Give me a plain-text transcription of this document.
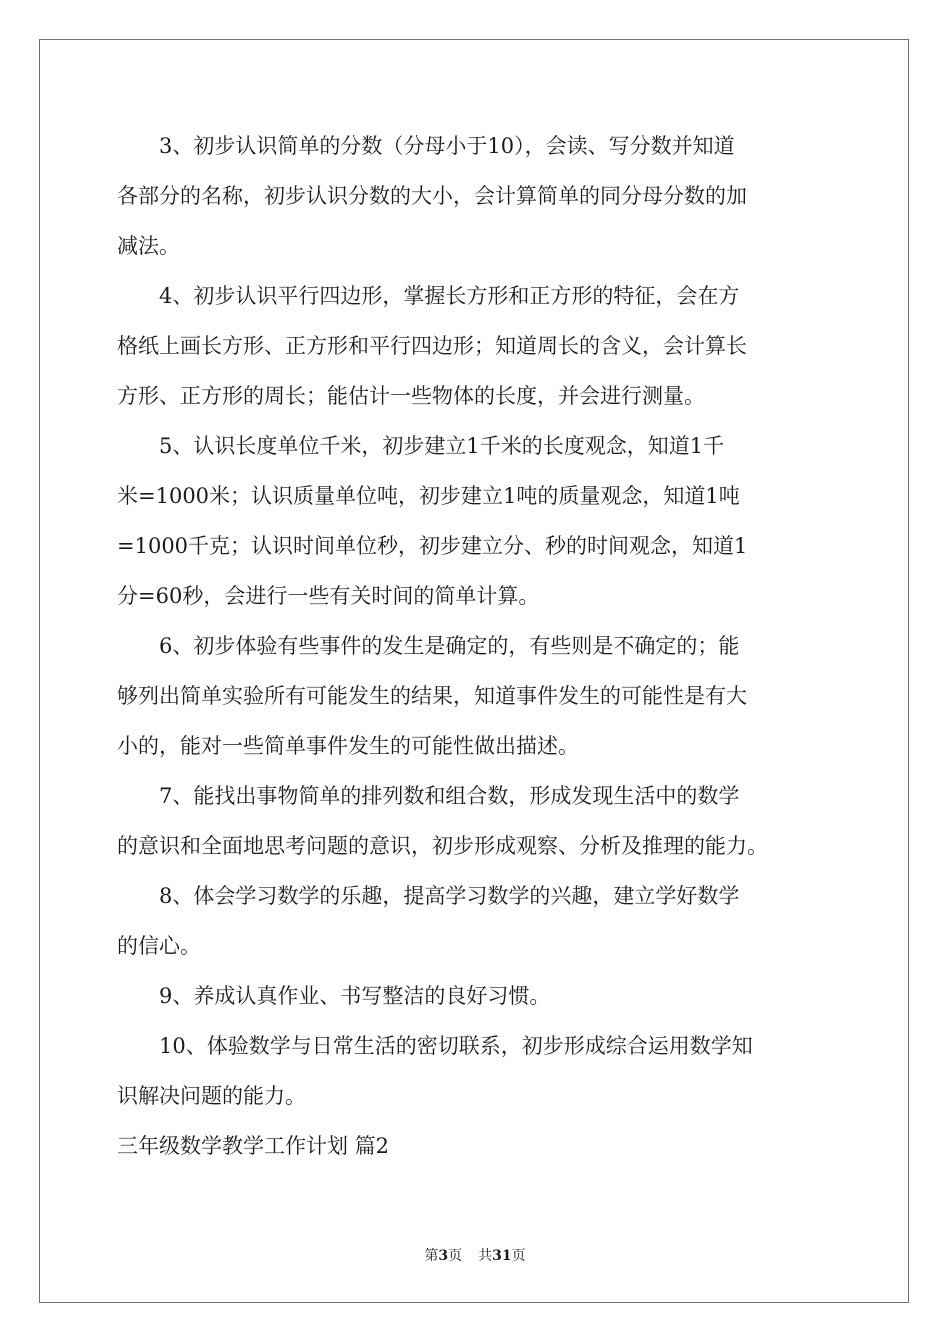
　　3、初步认识简单的分数（分母小于10），会读、写分数并知道
各部分的名称，初步认识分数的大小，会计算简单的同分母分数的加
减法。
　　4、初步认识平行四边形，掌握长方形和正方形的特征，会在方
格纸上画长方形、正方形和平行四边形；知道周长的含义，会计算长
方形、正方形的周长；能估计一些物体的长度，并会进行测量。
　　5、认识长度单位千米，初步建立1千米的长度观念，知道1千
米=1000米；认识质量单位吨，初步建立1吨的质量观念，知道1吨
=1000千克；认识时间单位秒，初步建立分、秒的时间观念，知道1
分=60秒，会进行一些有关时间的简单计算。
　　6、初步体验有些事件的发生是确定的，有些则是不确定的；能
够列出简单实验所有可能发生的结果，知道事件发生的可能性是有大
小的，能对一些简单事件发生的可能性做出描述。
　　7、能找出事物简单的排列数和组合数，形成发现生活中的数学
的意识和全面地思考问题的意识，初步形成观察、分析及推理的能力。
　　8、体会学习数学的乐趣，提高学习数学的兴趣，建立学好数学
的信心。
　　9、养成认真作业、书写整洁的良好习惯。
　　10、体验数学与日常生活的密切联系，初步形成综合运用数学知
识解决问题的能力。
三年级数学教学工作计划 篇2
第3页 共31页
